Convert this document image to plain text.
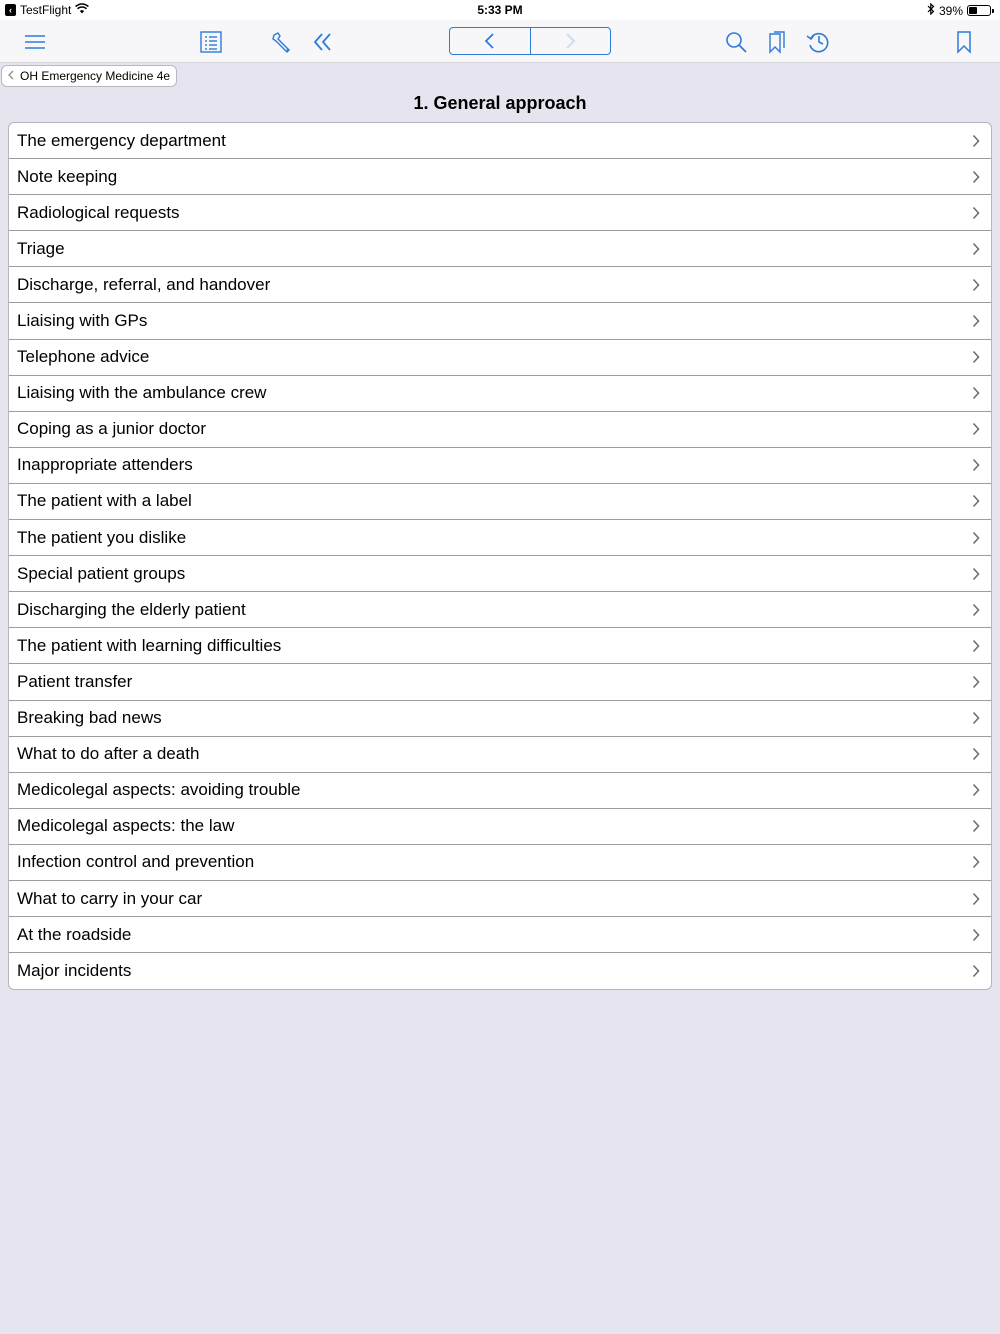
‹ TestFlight	5:33 PM	39%
OH Emergency Medicine 4e
1. General approach
The emergency department
Note keeping
Radiological requests
Triage
Discharge, referral, and handover
Liaising with GPs
Telephone advice
Liaising with the ambulance crew
Coping as a junior doctor
Inappropriate attenders
The patient with a label
The patient you dislike
Special patient groups
Discharging the elderly patient
The patient with learning difficulties
Patient transfer
Breaking bad news
What to do after a death
Medicolegal aspects: avoiding trouble
Medicolegal aspects: the law
Infection control and prevention
What to carry in your car
At the roadside
Major incidents
